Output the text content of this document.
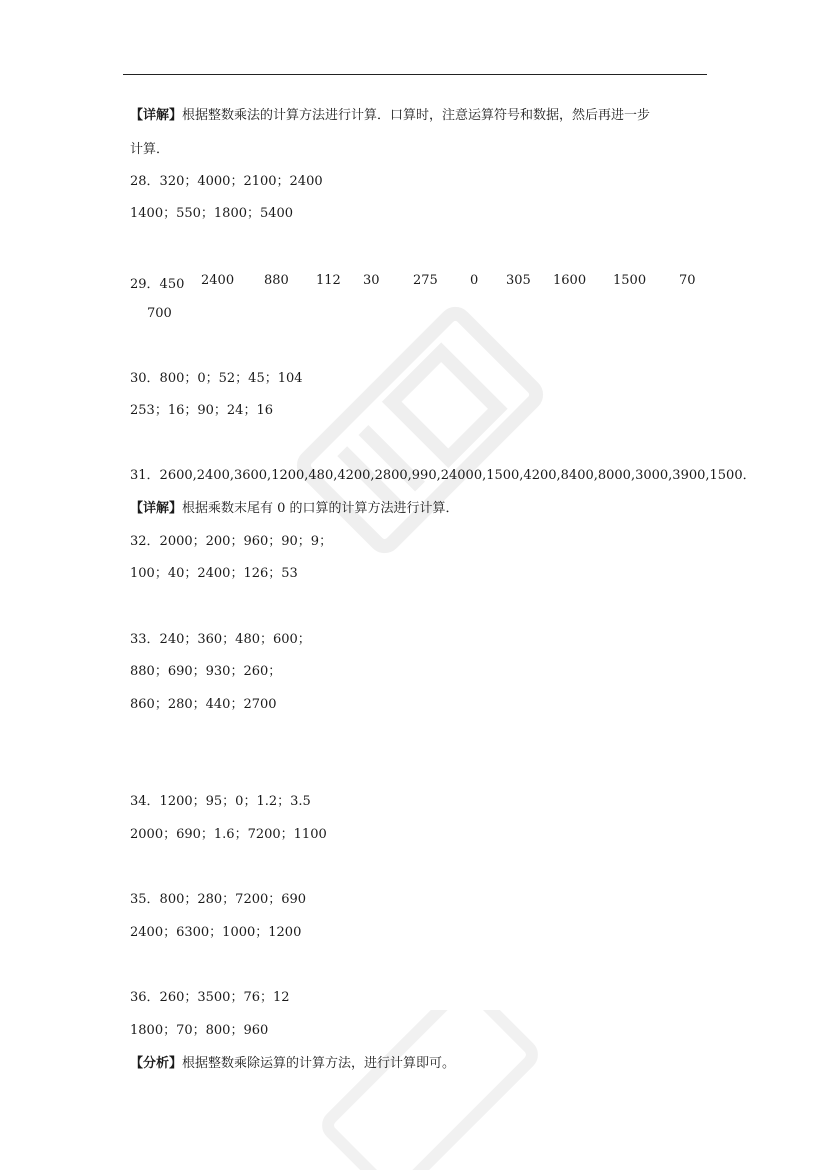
【详解】根据整数乘法的计算方法进行计算．口算时，注意运算符号和数据，然后再进一步
计算．
28．320；4000；2100；2400
1400；550；1800；5400
29．450 2400 880 112 30	275 0 305 1600 1500	70
700
30．800；0；52；45；104
253；16；90；24；16
31．2600,2400,3600,1200,480,4200,2800,990,24000,1500,4200,8400,8000,3000,3900,1500．
【详解】根据乘数末尾有 0 的口算的计算方法进行计算．
32．2000；200；960；90；9；
100；40；2400；126；53
33．240；360；480；600；
880；690；930；260；
860；280；440；2700
34．1200；95；0；1.2；3.5
2000；690；1.6；7200；1100
35．800；280；7200；690
2400；6300；1000；1200
36．260；3500；76；12
1800；70；800；960
【分析】根据整数乘除运算的计算方法，进行计算即可。
